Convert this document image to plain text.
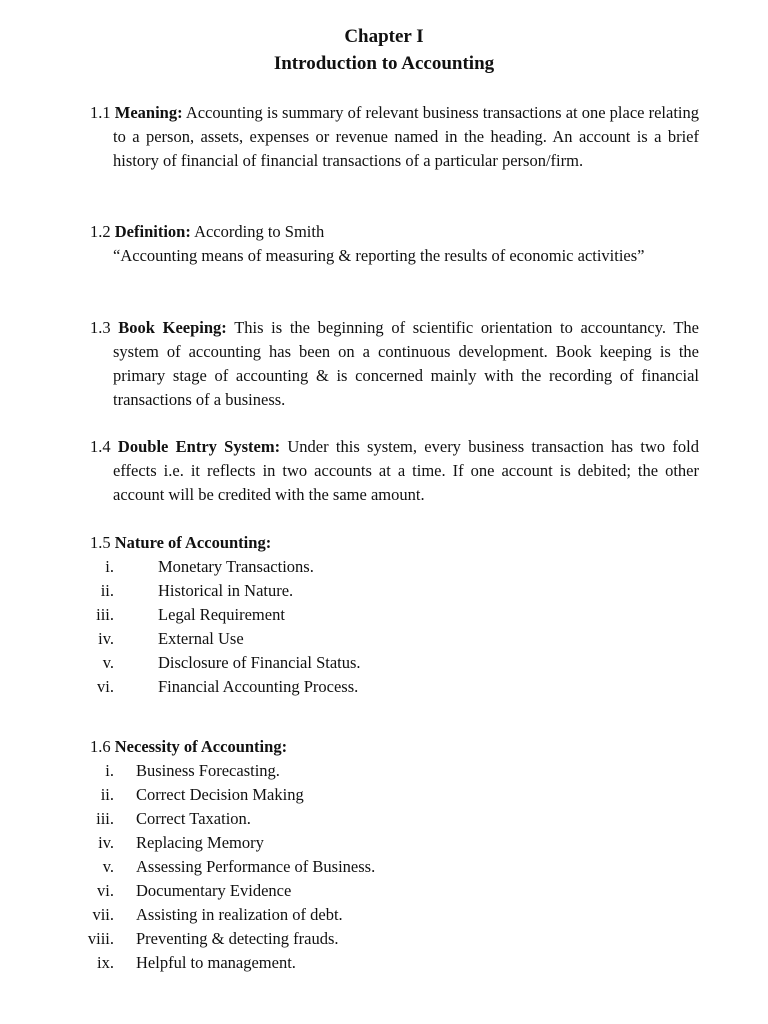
Chapter I
Introduction to Accounting
1.1 Meaning: Accounting is summary of relevant business transactions at one place relating to a person, assets, expenses or revenue named in the heading. An account is a brief history of financial of financial transactions of a particular person/firm.
1.2 Definition: According to Smith
“Accounting means of measuring & reporting the results of economic activities”
1.3 Book Keeping: This is the beginning of scientific orientation to accountancy. The system of accounting has been on a continuous development. Book keeping is the primary stage of accounting & is concerned mainly with the recording of financial transactions of a business.
1.4 Double Entry System: Under this system, every business transaction has two fold effects i.e. it reflects in two accounts at a time. If one account is debited; the other account will be credited with the same amount.
1.5 Nature of Accounting:
i.	Monetary Transactions.
ii.	Historical in Nature.
iii.	Legal Requirement
iv.	External Use
v.	Disclosure of Financial Status.
vi.	Financial Accounting Process.
1.6 Necessity of Accounting:
i. Business Forecasting.
ii. Correct Decision Making
iii. Correct Taxation.
iv. Replacing Memory
v. Assessing Performance of Business.
vi. Documentary Evidence
vii. Assisting in realization of debt.
viii. Preventing & detecting frauds.
ix. Helpful to management.
